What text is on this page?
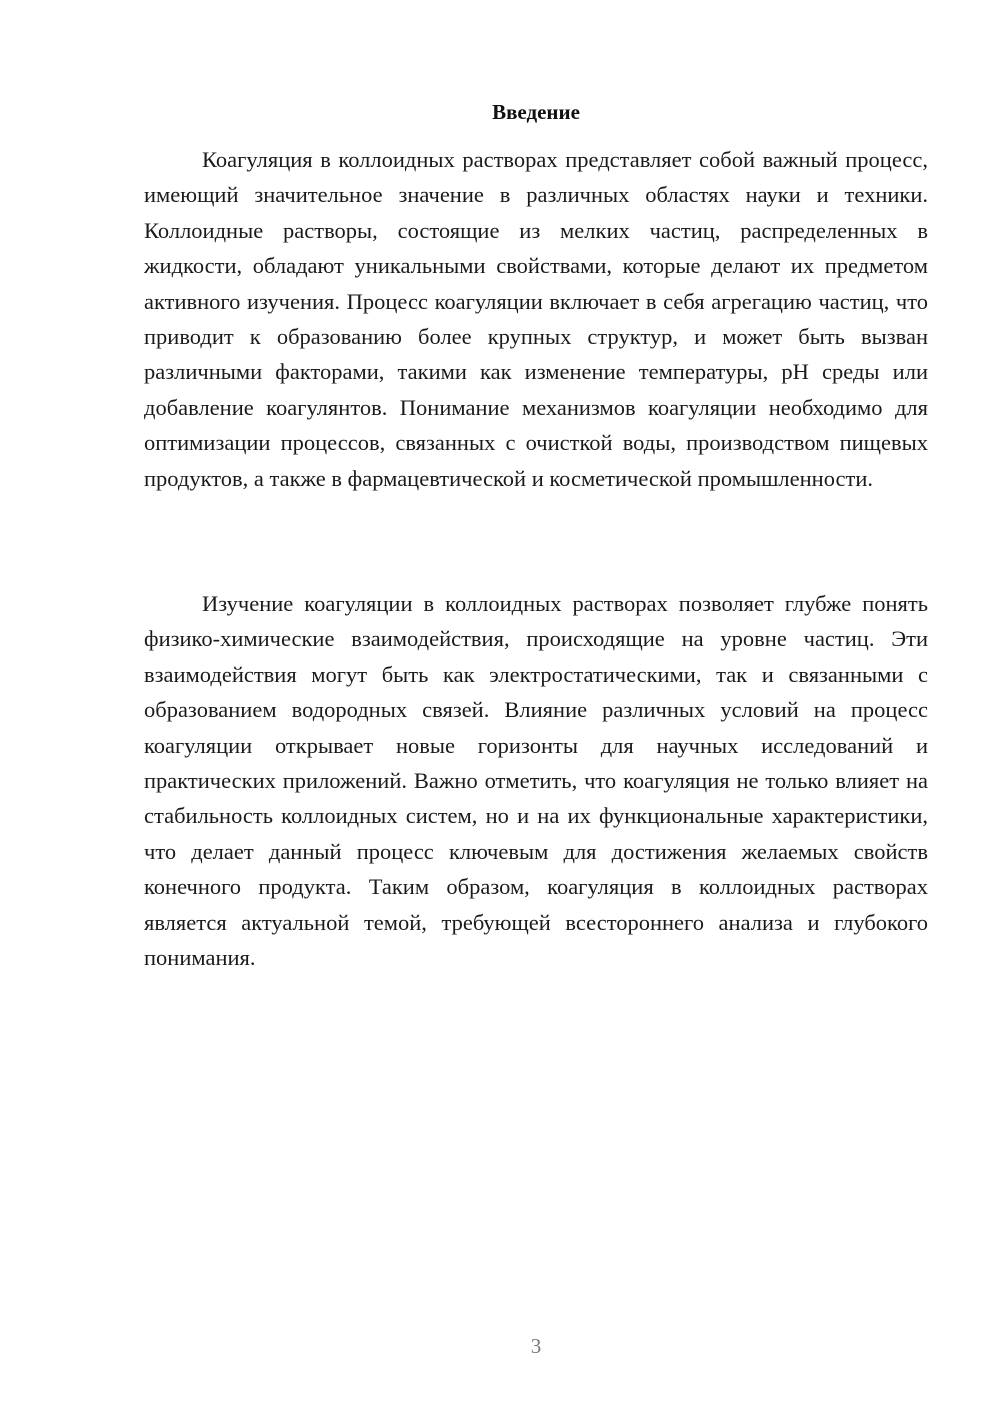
Введение

Коагуляция в коллоидных растворах представляет собой важный процесс, имеющий значительное значение в различных областях науки и техники. Коллоидные растворы, состоящие из мелких частиц, распределенных в жидкости, обладают уникальными свойствами, которые делают их предметом активного изучения. Процесс коагуляции включает в себя агрегацию частиц, что приводит к образованию более крупных структур, и может быть вызван различными факторами, такими как изменение температуры, pH среды или добавление коагулянтов. Понимание механизмов коагуляции необходимо для оптимизации процессов, связанных с очисткой воды, производством пищевых продуктов, а также в фармацевтической и косметической промышленности.

Изучение коагуляции в коллоидных растворах позволяет глубже понять физико-химические взаимодействия, происходящие на уровне частиц. Эти взаимодействия могут быть как электростатическими, так и связанными с образованием водородных связей. Влияние различных условий на процесс коагуляции открывает новые горизонты для научных исследований и практических приложений. Важно отметить, что коагуляция не только влияет на стабильность коллоидных систем, но и на их функциональные характеристики, что делает данный процесс ключевым для достижения желаемых свойств конечного продукта. Таким образом, коагуляция в коллоидных растворах является актуальной темой, требующей всестороннего анализа и глубокого понимания.

3
